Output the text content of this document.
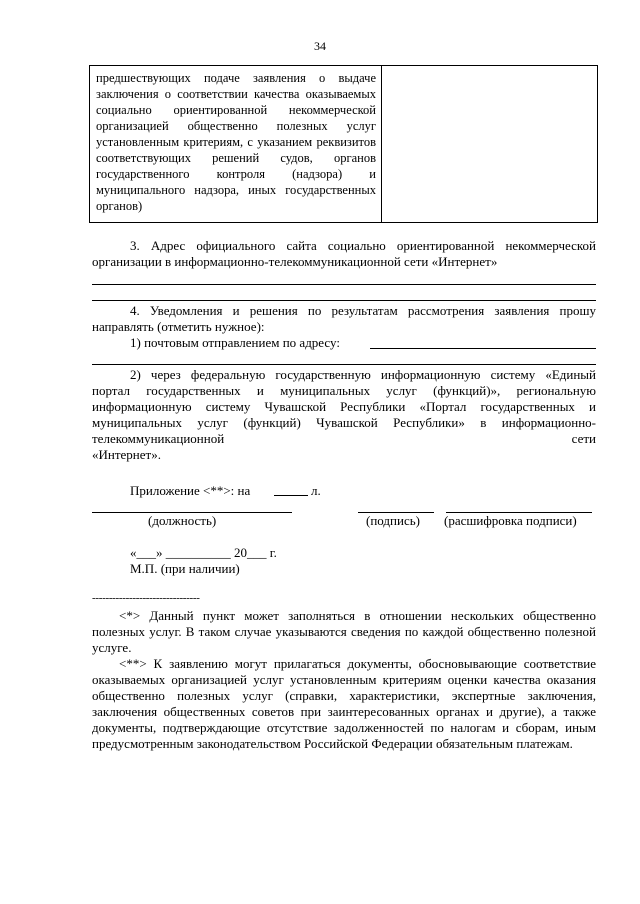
34
предшествующих подаче заявления о выдаче заключения о соответствии качества оказываемых социально ориентированной некоммерческой организацией общественно полезных услуг установленным критериям, с указанием реквизитов соответствующих решений судов, органов государственного контроля (надзора) и муниципального надзора, иных государственных органов)
3. Адрес официального сайта социально ориентированной некоммерческой организации в информационно-телекоммуникационной сети «Интернет»
4. Уведомления и решения по результатам рассмотрения заявления прошу направлять (отметить нужное):
1) почтовым отправлением по адресу:
2) через федеральную государственную информационную систему «Единый портал государственных и муниципальных услуг (функций)», региональную информационную систему Чувашской Республики «Портал государственных и муниципальных услуг (функций) Чувашской Республики» в информационно-телекоммуникационной сети
«Интернет».
Приложение <**>: на	л.
(должность)	(подпись) (расшифровка подписи)
«___» __________ 20___ г.
М.П. (при наличии)
--------------------------------
<*> Данный пункт может заполняться в отношении нескольких общественно полезных услуг. В таком случае указываются сведения по каждой общественно полезной услуге.
<**> К заявлению могут прилагаться документы, обосновывающие соответствие оказываемых организацией услуг установленным критериям оценки качества оказания общественно полезных услуг (справки, характеристики, экспертные заключения, заключения общественных советов при заинтересованных органах и другие), а также документы, подтверждающие отсутствие задолженностей по налогам и сборам, иным предусмотренным законодательством Российской Федерации обязательным платежам.
